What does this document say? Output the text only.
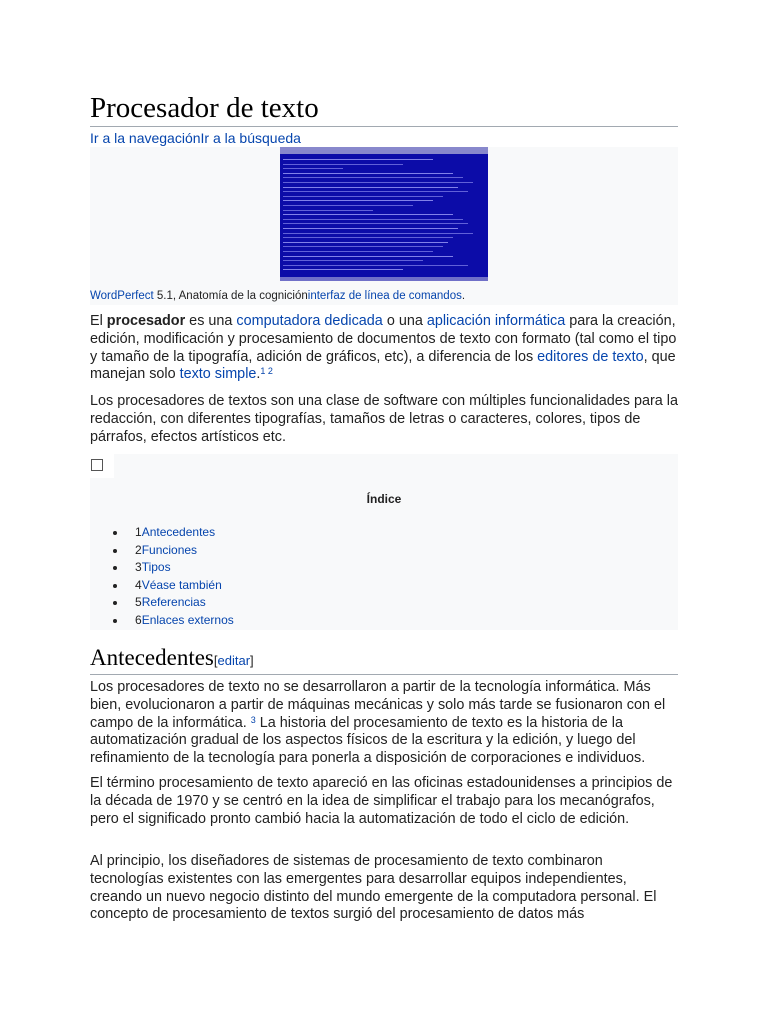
Procesador de texto
Ir a la navegaciónIr a la búsqueda
WordPerfect 5.1, Anatomía de la cognicióninterfaz de línea de comandos.

El procesador es una computadora dedicada o una aplicación informática para la creación, edición, modificación y procesamiento de documentos de texto con formato (tal como el tipo y tamaño de la tipografía, adición de gráficos, etc), a diferencia de los editores de texto, que manejan solo texto simple.$^{1 2}$

Los procesadores de textos son una clase de software con múltiples funcionalidades para la redacción, con diferentes tipografías, tamaños de letras o caracteres, colores, tipos de párrafos, efectos artísticos etc.

Índice
1Antecedentes
2Funciones
3Tipos
4Véase también
5Referencias
6Enlaces externos
Antecedentes[editar]

Los procesadores de texto no se desarrollaron a partir de la tecnología informática. Más bien, evolucionaron a partir de máquinas mecánicas y solo más tarde se fusionaron con el campo de la informática. $^3$ La historia del procesamiento de texto es la historia de la automatización gradual de los aspectos físicos de la escritura y la edición, y luego del refinamiento de la tecnología para ponerla a disposición de corporaciones e individuos.

El término procesamiento de texto apareció en las oficinas estadounidenses a principios de la década de 1970 y se centró en la idea de simplificar el trabajo para los mecanógrafos, pero el significado pronto cambió hacia la automatización de todo el ciclo de edición.

Al principio, los diseñadores de sistemas de procesamiento de texto combinaron tecnologías existentes con las emergentes para desarrollar equipos independientes, creando un nuevo negocio distinto del mundo emergente de la computadora personal. El concepto de procesamiento de textos surgió del procesamiento de datos más
